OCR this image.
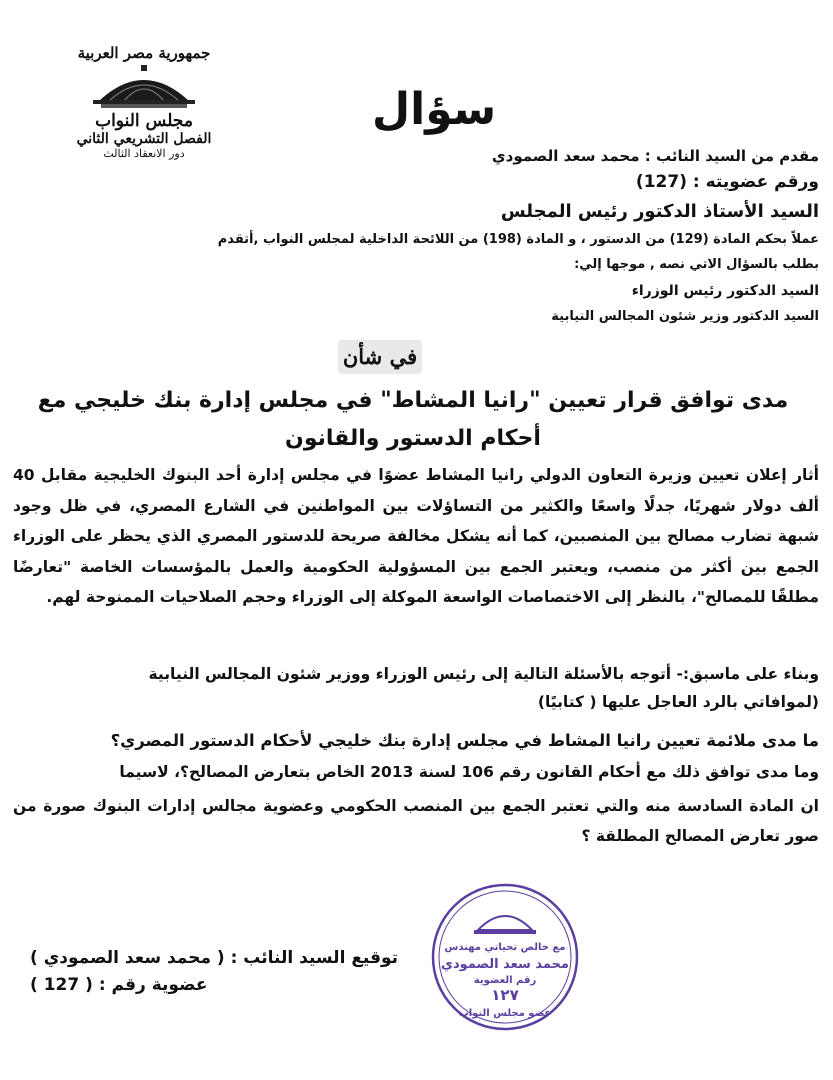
جمهورية مصر العربية
مجلس النواب
الفصل التشريعي الثاني
دور الانعقاد الثالث
سؤال
مقدم من السيد النائب : محمد سعد الصمودي
ورقم عضويته : (127)
السيد الأستاذ الدكتور رئيس المجلس
عملاً بحكم المادة (129) من الدستور ، و المادة (198) من اللائحة الداخلية لمجلس النواب ,أتقدم
بطلب بالسؤال الاتي نصه , موجها إلي:
السيد الدكتور رئيس الوزراء
السيد الدكتور وزير شئون المجالس النيابية
في شأن
مدى توافق قرار تعيين "رانيا المشاط" في مجلس إدارة بنك خليجي مع أحكام الدستور والقانون
أثار إعلان تعيين وزيرة التعاون الدولي رانيا المشاط عضوًا في مجلس إدارة أحد البنوك الخليجية مقابل 40 ألف دولار شهريًا، جدلًا واسعًا والكثير من التساؤلات بين المواطنين في الشارع المصري، في ظل وجود شبهة تضارب مصالح بين المنصبين، كما أنه يشكل مخالفة صريحة للدستور المصري الذي يحظر على الوزراء الجمع بين أكثر من منصب، ويعتبر الجمع بين المسؤولية الحكومية والعمل بالمؤسسات الخاصة "تعارضًا مطلقًا للمصالح"، بالنظر إلى الاختصاصات الواسعة الموكلة إلى الوزراء وحجم الصلاحيات الممنوحة لهم.
وبناء على ماسبق:- أتوجه بالأسئلة التالية إلى رئيس الوزراء ووزير شئون المجالس النيابية
(لموافاتي بالرد العاجل عليها ( كتابيًا)
ما مدى ملائمة تعيين رانيا المشاط في مجلس إدارة بنك خليجي لأحكام الدستور المصري؟
وما مدى توافق ذلك مع أحكام القانون رقم 106 لسنة 2013 الخاص بتعارض المصالح؟، لاسيما
ان المادة السادسة منه والتي تعتبر الجمع بين المنصب الحكومي وعضوية مجالس إدارات البنوك صورة من صور تعارض المصالح المطلقة ؟
توقيع السيد النائب : ( محمد سعد الصمودي )
عضوية رقم : ( 127 )
مع خالص تحياتي مهندس
محمد سعد الصمودي
رقم العضوية
١٢٧
عضو مجلس النواب
